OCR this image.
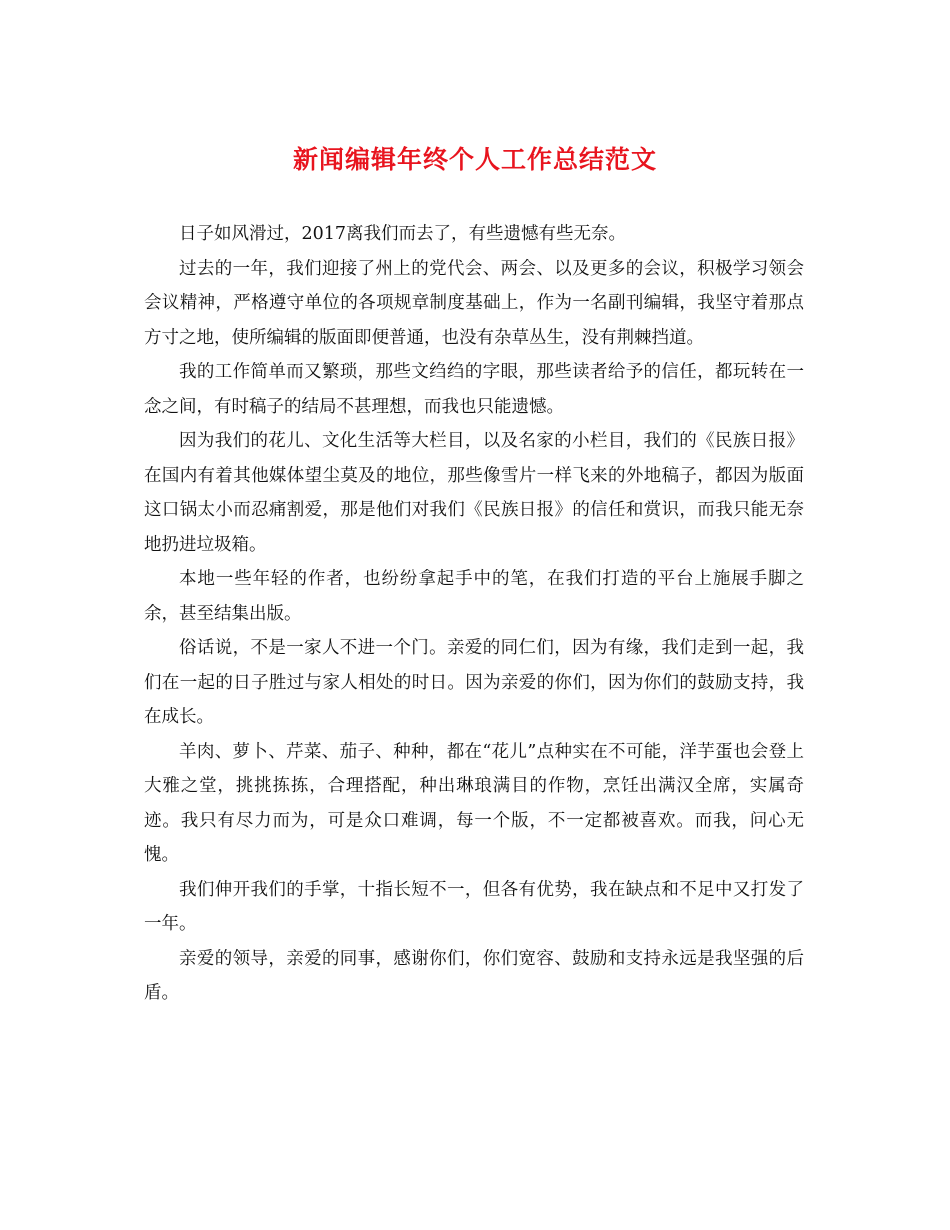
新闻编辑年终个人工作总结范文

日子如风滑过，2017离我们而去了，有些遗憾有些无奈。

过去的一年，我们迎接了州上的党代会、两会、以及更多的会议，积极学习领会会议精神，严格遵守单位的各项规章制度基础上，作为一名副刊编辑，我坚守着那点方寸之地，使所编辑的版面即便普通，也没有杂草丛生，没有荆棘挡道。

我的工作简单而又繁琐，那些文绉绉的字眼，那些读者给予的信任，都玩转在一念之间，有时稿子的结局不甚理想，而我也只能遗憾。

因为我们的花儿、文化生活等大栏目，以及名家的小栏目，我们的《民族日报》在国内有着其他媒体望尘莫及的地位，那些像雪片一样飞来的外地稿子，都因为版面这口锅太小而忍痛割爱，那是他们对我们《民族日报》的信任和赏识，而我只能无奈地扔进垃圾箱。

本地一些年轻的作者，也纷纷拿起手中的笔，在我们打造的平台上施展手脚之余，甚至结集出版。

俗话说，不是一家人不进一个门。亲爱的同仁们，因为有缘，我们走到一起，我们在一起的日子胜过与家人相处的时日。因为亲爱的你们，因为你们的鼓励支持，我在成长。

羊肉、萝卜、芹菜、茄子、种种，都在“花儿”点种实在不可能，洋芋蛋也会登上大雅之堂，挑挑拣拣，合理搭配，种出琳琅满目的作物，烹饪出满汉全席，实属奇迹。我只有尽力而为，可是众口难调，每一个版，不一定都被喜欢。而我，问心无愧。

我们伸开我们的手掌，十指长短不一，但各有优势，我在缺点和不足中又打发了一年。

亲爱的领导，亲爱的同事，感谢你们，你们宽容、鼓励和支持永远是我坚强的后盾。
